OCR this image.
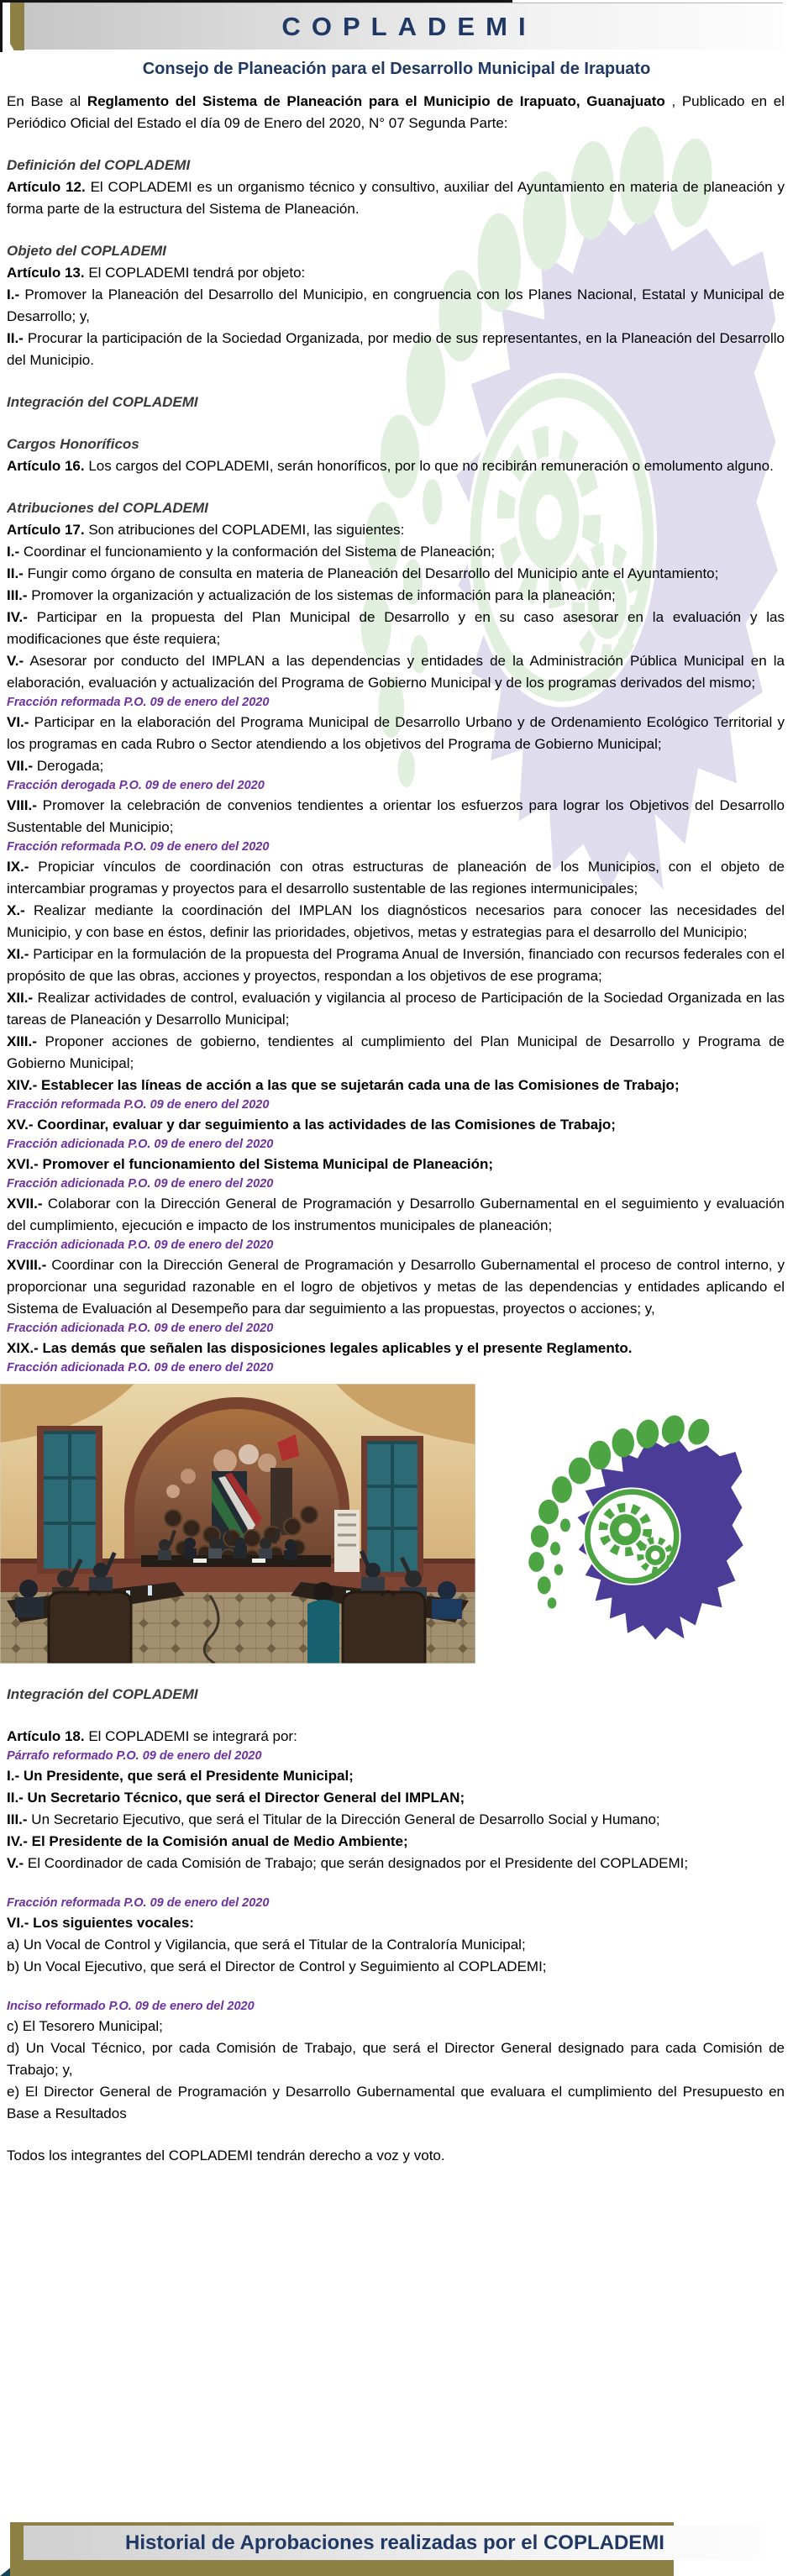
COPLADEMI
Consejo de Planeación para el Desarrollo Municipal de Irapuato

En Base al Reglamento del Sistema de Planeación para el Municipio de Irapuato, Guanajuato , Publicado en el Periódico Oficial del Estado el día 09 de Enero del 2020, N° 07 Segunda Parte:

Definición del COPLADEMI

Artículo 12. El COPLADEMI es un organismo técnico y consultivo, auxiliar del Ayuntamiento en materia de planeación y forma parte de la estructura del Sistema de Planeación.

Objeto del COPLADEMI

Artículo 13. El COPLADEMI tendrá por objeto:

I.- Promover la Planeación del Desarrollo del Municipio, en congruencia con los Planes Nacional, Estatal y Municipal de Desarrollo; y,

II.- Procurar la participación de la Sociedad Organizada, por medio de sus representantes, en la Planeación del Desarrollo del Municipio.

Integración del COPLADEMI
Cargos Honoríficos

Artículo 16. Los cargos del COPLADEMI, serán honoríficos, por lo que no recibirán remuneración o emolumento alguno.

Atribuciones del COPLADEMI

Artículo 17. Son atribuciones del COPLADEMI, las siguientes:

I.- Coordinar el funcionamiento y la conformación del Sistema de Planeación;

II.- Fungir como órgano de consulta en materia de Planeación del Desarrollo del Municipio ante el Ayuntamiento;

III.- Promover la organización y actualización de los sistemas de información para la planeación;

IV.- Participar en la propuesta del Plan Municipal de Desarrollo y en su caso asesorar en la evaluación y las modificaciones que éste requiera;

V.- Asesorar por conducto del IMPLAN a las dependencias y entidades de la Administración Pública Municipal en la elaboración, evaluación y actualización del Programa de Gobierno Municipal y de los programas derivados del mismo;

Fracción reformada P.O. 09 de enero del 2020

VI.- Participar en la elaboración del Programa Municipal de Desarrollo Urbano y de Ordenamiento Ecológico Territorial y los programas en cada Rubro o Sector atendiendo a los objetivos del Programa de Gobierno Municipal;

VII.- Derogada;

Fracción derogada P.O. 09 de enero del 2020

VIII.- Promover la celebración de convenios tendientes a orientar los esfuerzos para lograr los Objetivos del Desarrollo Sustentable del Municipio;

Fracción reformada P.O. 09 de enero del 2020

IX.- Propiciar vínculos de coordinación con otras estructuras de planeación de los Municipios, con el objeto de intercambiar programas y proyectos para el desarrollo sustentable de las regiones intermunicipales;

X.- Realizar mediante la coordinación del IMPLAN los diagnósticos necesarios para conocer las necesidades del Municipio, y con base en éstos, definir las prioridades, objetivos, metas y estrategias para el desarrollo del Municipio;

XI.- Participar en la formulación de la propuesta del Programa Anual de Inversión, financiado con recursos federales con el propósito de que las obras, acciones y proyectos, respondan a los objetivos de ese programa;

XII.- Realizar actividades de control, evaluación y vigilancia al proceso de Participación de la Sociedad Organizada en las tareas de Planeación y Desarrollo Municipal;

XIII.- Proponer acciones de gobierno, tendientes al cumplimiento del Plan Municipal de Desarrollo y Programa de Gobierno Municipal;

XIV.- Establecer las líneas de acción a las que se sujetarán cada una de las Comisiones de Trabajo;

Fracción reformada P.O. 09 de enero del 2020

XV.- Coordinar, evaluar y dar seguimiento a las actividades de las Comisiones de Trabajo;

Fracción adicionada P.O. 09 de enero del 2020

XVI.- Promover el funcionamiento del Sistema Municipal de Planeación;

Fracción adicionada P.O. 09 de enero del 2020

XVII.- Colaborar con la Dirección General de Programación y Desarrollo Gubernamental en el seguimiento y evaluación del cumplimiento, ejecución e impacto de los instrumentos municipales de planeación;

Fracción adicionada P.O. 09 de enero del 2020

XVIII.- Coordinar con la Dirección General de Programación y Desarrollo Gubernamental el proceso de control interno, y proporcionar una seguridad razonable en el logro de objetivos y metas de las dependencias y entidades aplicando el Sistema de Evaluación al Desempeño para dar seguimiento a las propuestas, proyectos o acciones; y,

Fracción adicionada P.O. 09 de enero del 2020

XIX.- Las demás que señalen las disposiciones legales aplicables y el presente Reglamento.

Fracción adicionada P.O. 09 de enero del 2020

Integración del COPLADEMI

Artículo 18. El COPLADEMI se integrará por:

Párrafo reformado P.O. 09 de enero del 2020

I.- Un Presidente, que será el Presidente Municipal;

II.- Un Secretario Técnico, que será el Director General del IMPLAN;

III.- Un Secretario Ejecutivo, que será el Titular de la Dirección General de Desarrollo Social y Humano;

IV.- El Presidente de la Comisión anual de Medio Ambiente;

V.- El Coordinador de cada Comisión de Trabajo; que serán designados por el Presidente del COPLADEMI;

Fracción reformada P.O. 09 de enero del 2020

VI.- Los siguientes vocales:

a) Un Vocal de Control y Vigilancia, que será el Titular de la Contraloría Municipal;

b) Un Vocal Ejecutivo, que será el Director de Control y Seguimiento al COPLADEMI;

Inciso reformado P.O. 09 de enero del 2020

c) El Tesorero Municipal;

d) Un Vocal Técnico, por cada Comisión de Trabajo, que será el Director General designado para cada Comisión de Trabajo; y,

e) El Director General de Programación y Desarrollo Gubernamental que evaluara el cumplimiento del Presupuesto en Base a Resultados

Todos los integrantes del COPLADEMI tendrán derecho a voz y voto.

Historial de Aprobaciones realizadas por el COPLADEMI
